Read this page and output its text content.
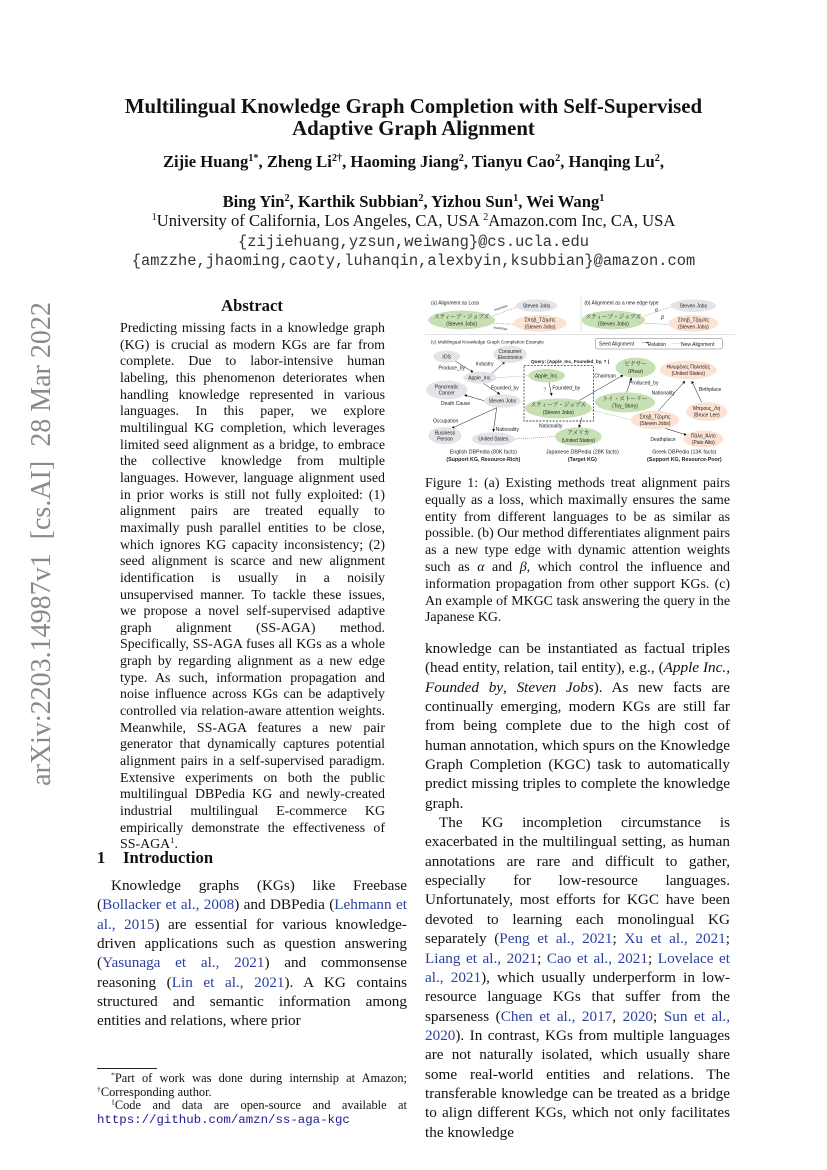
arXiv:2203.14987v1  [cs.AI]  28 Mar 2022
Multilingual Knowledge Graph Completion with Self-Supervised
Adaptive Graph Alignment
Zijie Huang$^{1*}$, Zheng $Li^{2\dagger}$, Haoming Jiang$^2$, Tianyu Cao$^2$, Hanqing Lu$^2$,
Bing Yin$^2$, Karthik Subbian$^2$, Yizhou Sun$^1$, Wei Wang$^1$
$^1$University of California, Los Angeles, CA, USA $^2$Amazon.com Inc, CA, USA
{zijiehuang,yzsun,weiwang}@cs.ucla.edu
{amzzhe,jhaoming,caoty,luhanqin,alexbyin,ksubbian}@amazon.com
Abstract
Predicting missing facts in a knowledge graph (KG) is crucial as modern KGs are far from complete. Due to labor-intensive human labeling, this phenomenon deteriorates when handling knowledge represented in various languages. In this paper, we explore multilingual KG completion, which leverages limited seed alignment as a bridge, to embrace the collective knowledge from multiple languages. However, language alignment used in prior works is still not fully exploited: (1) alignment pairs are treated equally to maximally push parallel entities to be close, which ignores KG capacity inconsistency; (2) seed alignment is scarce and new alignment identification is usually in a noisily unsupervised manner. To tackle these issues, we propose a novel self-supervised adaptive graph alignment (SS-AGA) method. Specifically, SS-AGA fuses all KGs as a whole graph by regarding alignment as a new edge type. As such, information propagation and noise influence across KGs can be adaptively controlled via relation-aware attention weights. Meanwhile, SS-AGA features a new pair generator that dynamically captures potential alignment pairs in a self-supervised paradigm. Extensive experiments on both the public multilingual DBPedia KG and newly-created industrial multilingual E-commerce KG empirically demonstrate the effectiveness of SS-AGA$^1$.
1 Introduction

Knowledge graphs (KGs) like Freebase (Bollacker et al., 2008) and DBPedia (Lehmann et al., 2015) are essential for various knowledge-driven applications such as question answering (Yasunaga et al., 2021) and commonsense reasoning (Lin et al., 2021). A KG contains structured and semantic information among entities and relations, where prior

*Part of work was done during internship at Amazon; †Corresponding author.

$^1$Code and data are open-source and available at https://github.com/amzn/ss-aga-kgc

(a) Alignment as Loss
maximize
maximize
スティーブ・ジョブズ
(Steven Jobs)
Steven Jobs
Σπηβ_Τζομπς
(Steven Jobs)
(b) Alignment as a new edge type
α
β
スティーブ・ジョブズ
(Steven Jobs)
Steven Jobs
Σπηβ_Τζομπς
(Steven Jobs)
(c) Multilingual Knowledge Graph Completion Example	Seed Alignment Relation New Alignment
IOS
Consumer
Electronics
Apple_Inc.
Pancreatic
Cancer
Steven Jobs
Business
Person United States
Query: (Apple_Inc, Founded_by, ? )
Apple_Inc.
?
スティーブ・ジョブズ
(Steven Jobs)
ピクサー
(Pixar)
トイ・ストーリー
(Toy_Story)
アメリカ
(United States)
Ηνωμένες Πολιτείες
(United States)
Σπηβ_Τζομπς
(Steven Jobs)
Μπρους_Λη
(Bruce Lee)
Πάλο_Άλτο
(Palo Alto)
Produce_by
Industry
Founded_by Founded_by
Chairman
Produced_by
Nationality
Birthplace
Death Cause
Occupation
Nationality
Nationality
Deathplace
English DBPedia (80K facts)
(Support KG, Resource-Rich)
Japanese DBPedia (28K facts)
(Target KG)
Greek DBPedia (13K facts)
(Support KG, Resource-Poor)
Figure 1: (a) Existing methods treat alignment pairs equally as a loss, which maximally ensures the same entity from different languages to be as similar as possible. (b) Our method differentiates alignment pairs as a new type edge with dynamic attention weights such as α and β, which control the influence and information propagation from other support KGs. (c) An example of MKGC task answering the query in the Japanese KG.

knowledge can be instantiated as factual triples (head entity, relation, tail entity), e.g., (Apple Inc., Founded by, Steven Jobs). As new facts are continually emerging, modern KGs are still far from being complete due to the high cost of human annotation, which spurs on the Knowledge Graph Completion (KGC) task to automatically predict missing triples to complete the knowledge graph.

The KG incompletion circumstance is exacerbated in the multilingual setting, as human annotations are rare and difficult to gather, especially for low-resource languages. Unfortunately, most efforts for KGC have been devoted to learning each monolingual KG separately (Peng et al., 2021; Xu et al., 2021; Liang et al., 2021; Cao et al., 2021; Lovelace et al., 2021), which usually underperform in low-resource language KGs that suffer from the sparseness (Chen et al., 2017, 2020; Sun et al., 2020). In contrast, KGs from multiple languages are not naturally isolated, which usually share some real-world entities and relations. The transferable knowledge can be treated as a bridge to align different KGs, which not only facilitates the knowledge
